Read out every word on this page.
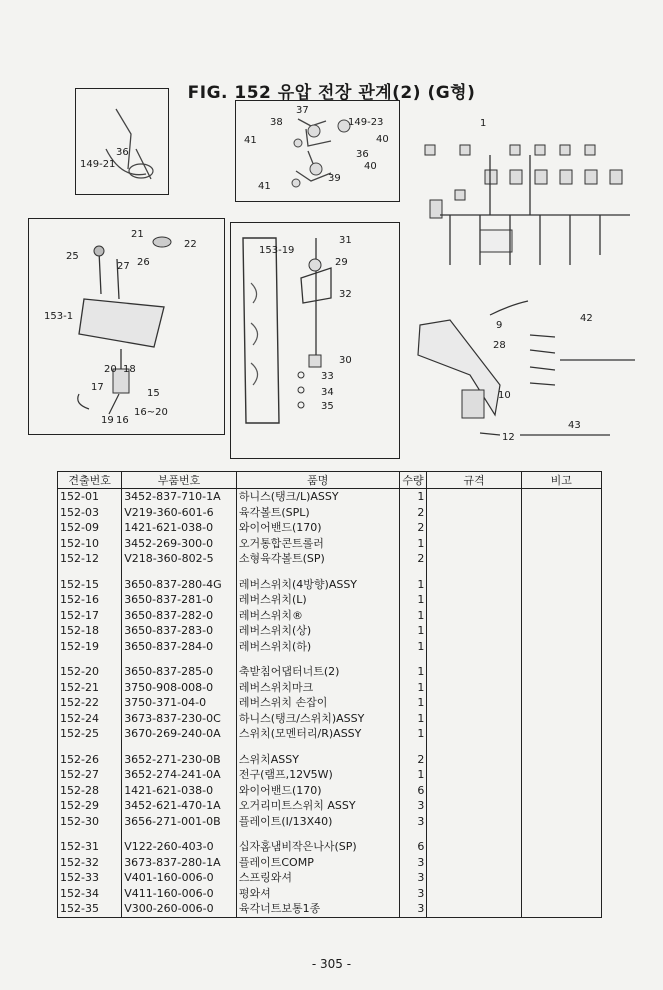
FIG. 152 유압 전장 관계(2) (G형)
36
149-21
37
38	149-23
40
41
36
40
39
41
21
22
25
27 26
153-1
20 18
17
15
16~20
19 16
153-19
31
29
32
30
33
34
35
1
9
28
42
10
12
43
견출번호	부품번호	품명	수량	규격	비고
152-01	3452-837-710-1A	하니스(탱크/L)ASSY	1		
152-03	V219-360-601-6	육각볼트(SPL)	2		
152-09	1421-621-038-0	와이어밴드(170)	2		
152-10	3452-269-300-0	오거통합콘트롤러	1		
152-12	V218-360-802-5	소형육각볼트(SP)	2		

152-15	3650-837-280-4G	레버스위치(4방향)ASSY	1		
152-16	3650-837-281-0	레버스위치(L)	1		
152-17	3650-837-282-0	레버스위치®	1		
152-18	3650-837-283-0	레버스위치(상)	1		
152-19	3650-837-284-0	레버스위치(하)	1		

152-20	3650-837-285-0	축받침어댑터너트(2)	1		
152-21	3750-908-008-0	레버스위치마크	1		
152-22	3750-371-04-0	레버스위치 손잡이	1		
152-24	3673-837-230-0C	하니스(탱크/스위치)ASSY	1		
152-25	3670-269-240-0A	스위치(모멘터리/R)ASSY	1		

152-26	3652-271-230-0B	스위치ASSY	2		
152-27	3652-274-241-0A	전구(램프,12V5W)	1		
152-28	1421-621-038-0	와이어밴드(170)	6		
152-29	3452-621-470-1A	오거리미트스위치 ASSY	3		
152-30	3656-271-001-0B	플레이트(I/13X40)	3		

152-31	V122-260-403-0	십자홈냄비작은나사(SP)	6		
152-32	3673-837-280-1A	플레이트COMP	3		
152-33	V401-160-006-0	스프링와셔	3		
152-34	V411-160-006-0	평와셔	3		
152-35	V300-260-006-0	육각너트보통1종	3		
- 305 -
